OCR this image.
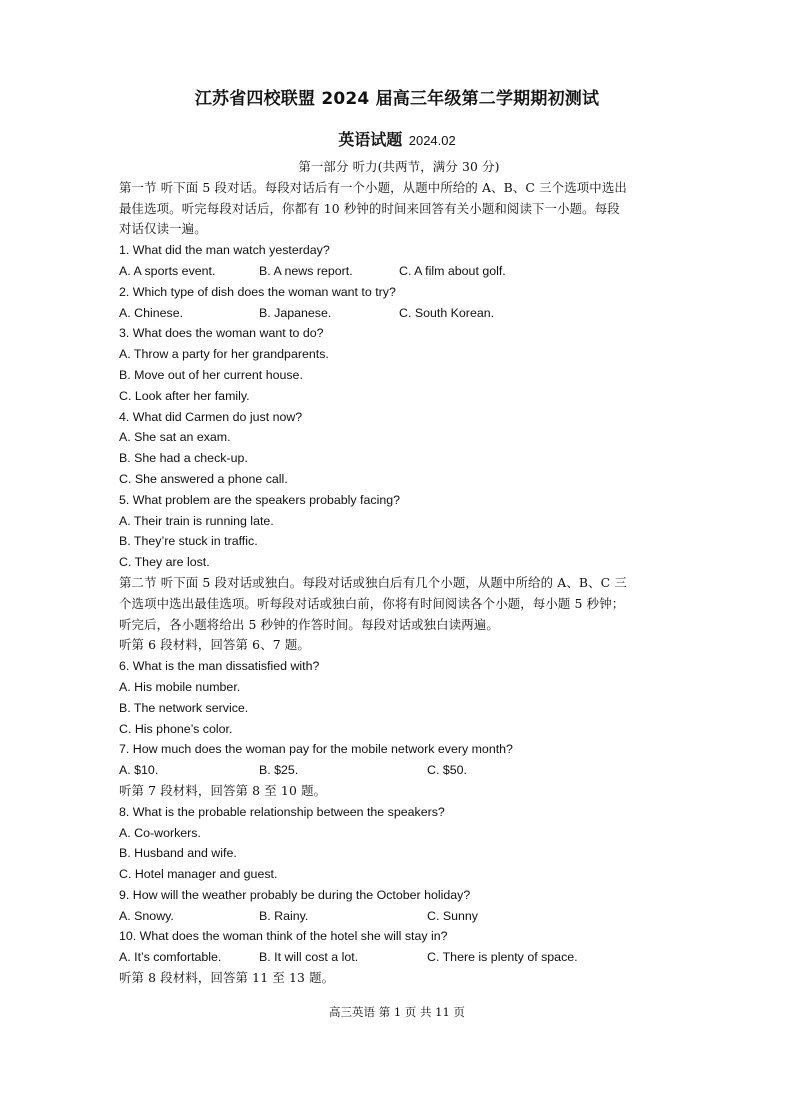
江苏省四校联盟 2024 届高三年级第二学期期初测试
英语试题 2024.02
第一部分 听力(共两节，满分 30 分)
第一节 听下面 5 段对话。每段对话后有一个小题，从题中所给的 A、B、C 三个选项中选出
最佳选项。听完每段对话后，你都有 10 秒钟的时间来回答有关小题和阅读下一小题。每段
对话仅读一遍。
1. What did the man watch yesterday?
A. A sports event.	B. A news report.	C. A film about golf.
2. Which type of dish does the woman want to try?
A. Chinese.	B. Japanese.	C. South Korean.
3. What does the woman want to do?
A. Throw a party for her grandparents.
B. Move out of her current house.
C. Look after her family.
4. What did Carmen do just now?
A. She sat an exam.
B. She had a check-up.
C. She answered a phone call.
5. What problem are the speakers probably facing?
A. Their train is running late.
B. They’re stuck in traffic.
C. They are lost.
第二节 听下面 5 段对话或独白。每段对话或独白后有几个小题，从题中所给的 A、B、C 三
个选项中选出最佳选项。听每段对话或独白前，你将有时间阅读各个小题，每小题 5 秒钟；
听完后，各小题将给出 5 秒钟的作答时间。每段对话或独白读两遍。
听第 6 段材料，回答第 6、7 题。
6. What is the man dissatisfied with?
A. His mobile number.
B. The network service.
C. His phone’s color.
7. How much does the woman pay for the mobile network every month?
A. $10.	B. $25.	C. $50.
听第 7 段材料，回答第 8 至 10 题。
8. What is the probable relationship between the speakers?
A. Co-workers.
B. Husband and wife.
C. Hotel manager and guest.
9. How will the weather probably be during the October holiday?
A. Snowy.	B. Rainy.	C. Sunny
10. What does the woman think of the hotel she will stay in?
A. It’s comfortable.	B. It will cost a lot.	C. There is plenty of space.
听第 8 段材料，回答第 11 至 13 题。
高三英语 第 1 页 共 11 页
